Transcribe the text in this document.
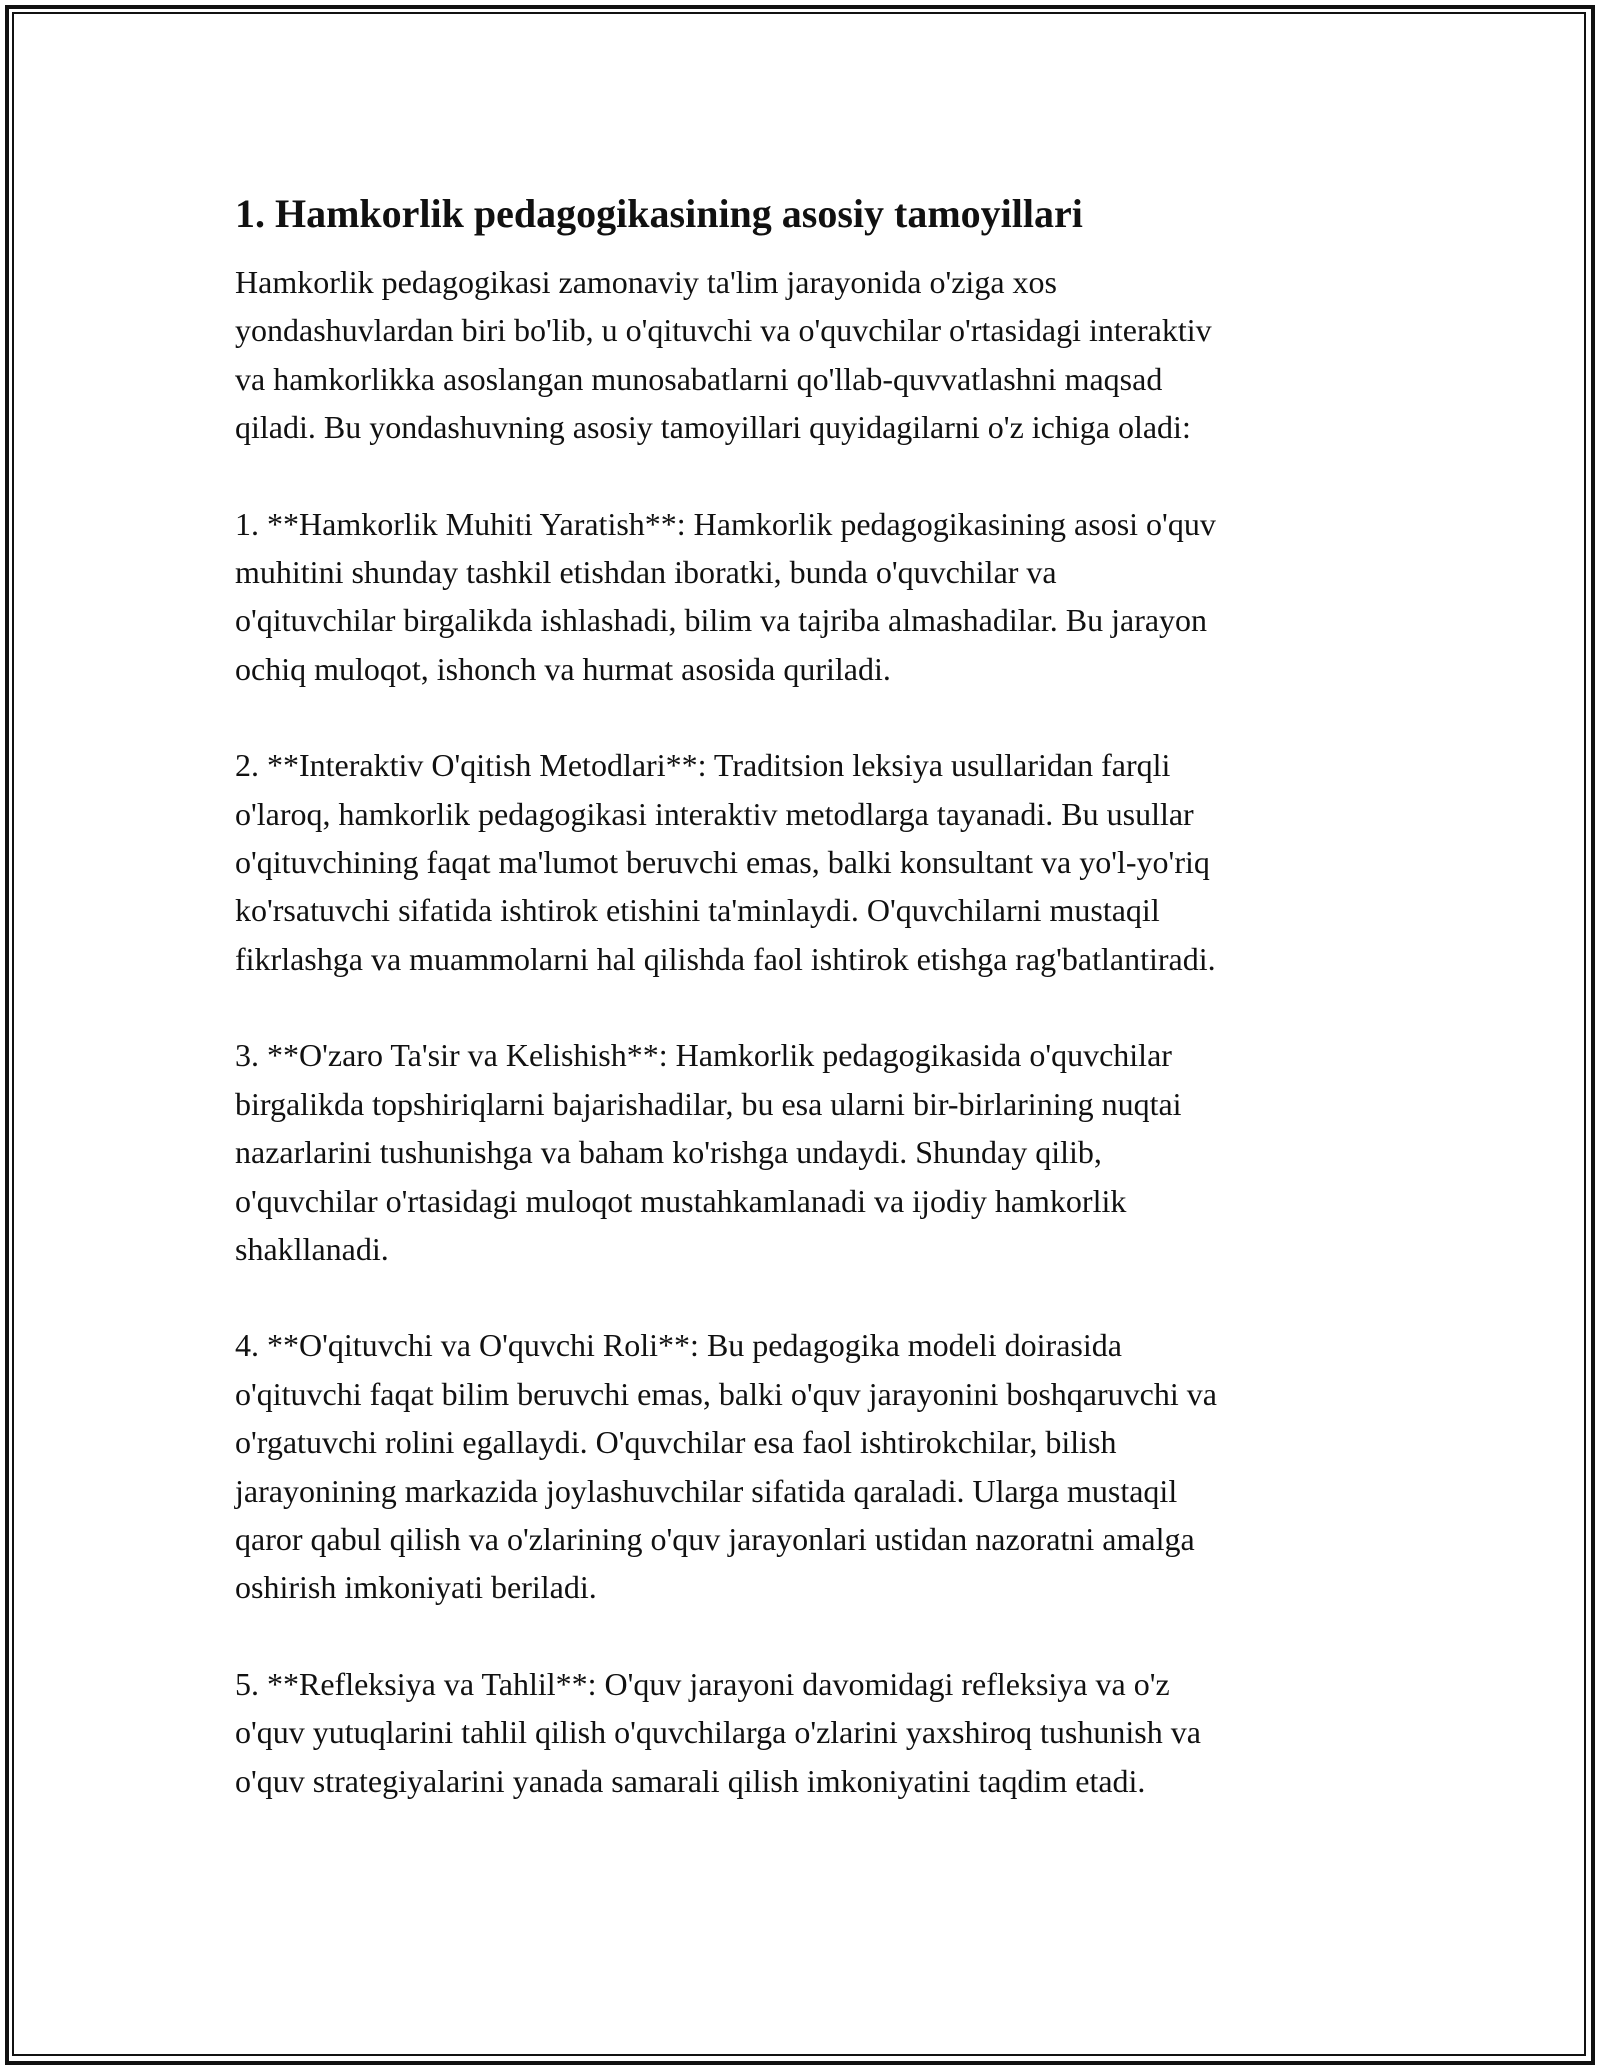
1. Hamkorlik pedagogikasining asosiy tamoyillari

Hamkorlik pedagogikasi zamonaviy ta'lim jarayonida o'ziga xos
yondashuvlardan biri bo'lib, u o'qituvchi va o'quvchilar o'rtasidagi interaktiv
va hamkorlikka asoslangan munosabatlarni qo'llab-quvvatlashni maqsad
qiladi. Bu yondashuvning asosiy tamoyillari quyidagilarni o'z ichiga oladi:

1. **Hamkorlik Muhiti Yaratish**: Hamkorlik pedagogikasining asosi o'quv
muhitini shunday tashkil etishdan iboratki, bunda o'quvchilar va
o'qituvchilar birgalikda ishlashadi, bilim va tajriba almashadilar. Bu jarayon
ochiq muloqot, ishonch va hurmat asosida quriladi.

2. **Interaktiv O'qitish Metodlari**: Traditsion leksiya usullaridan farqli
o'laroq, hamkorlik pedagogikasi interaktiv metodlarga tayanadi. Bu usullar
o'qituvchining faqat ma'lumot beruvchi emas, balki konsultant va yo'l-yo'riq
ko'rsatuvchi sifatida ishtirok etishini ta'minlaydi. O'quvchilarni mustaqil
fikrlashga va muammolarni hal qilishda faol ishtirok etishga rag'batlantiradi.

3. **O'zaro Ta'sir va Kelishish**: Hamkorlik pedagogikasida o'quvchilar
birgalikda topshiriqlarni bajarishadilar, bu esa ularni bir-birlarining nuqtai
nazarlarini tushunishga va baham ko'rishga undaydi. Shunday qilib,
o'quvchilar o'rtasidagi muloqot mustahkamlanadi va ijodiy hamkorlik
shakllanadi.

4. **O'qituvchi va O'quvchi Roli**: Bu pedagogika modeli doirasida
o'qituvchi faqat bilim beruvchi emas, balki o'quv jarayonini boshqaruvchi va
o'rgatuvchi rolini egallaydi. O'quvchilar esa faol ishtirokchilar, bilish
jarayonining markazida joylashuvchilar sifatida qaraladi. Ularga mustaqil
qaror qabul qilish va o'zlarining o'quv jarayonlari ustidan nazoratni amalga
oshirish imkoniyati beriladi.

5. **Refleksiya va Tahlil**: O'quv jarayoni davomidagi refleksiya va o'z
o'quv yutuqlarini tahlil qilish o'quvchilarga o'zlarini yaxshiroq tushunish va
o'quv strategiyalarini yanada samarali qilish imkoniyatini taqdim etadi.
